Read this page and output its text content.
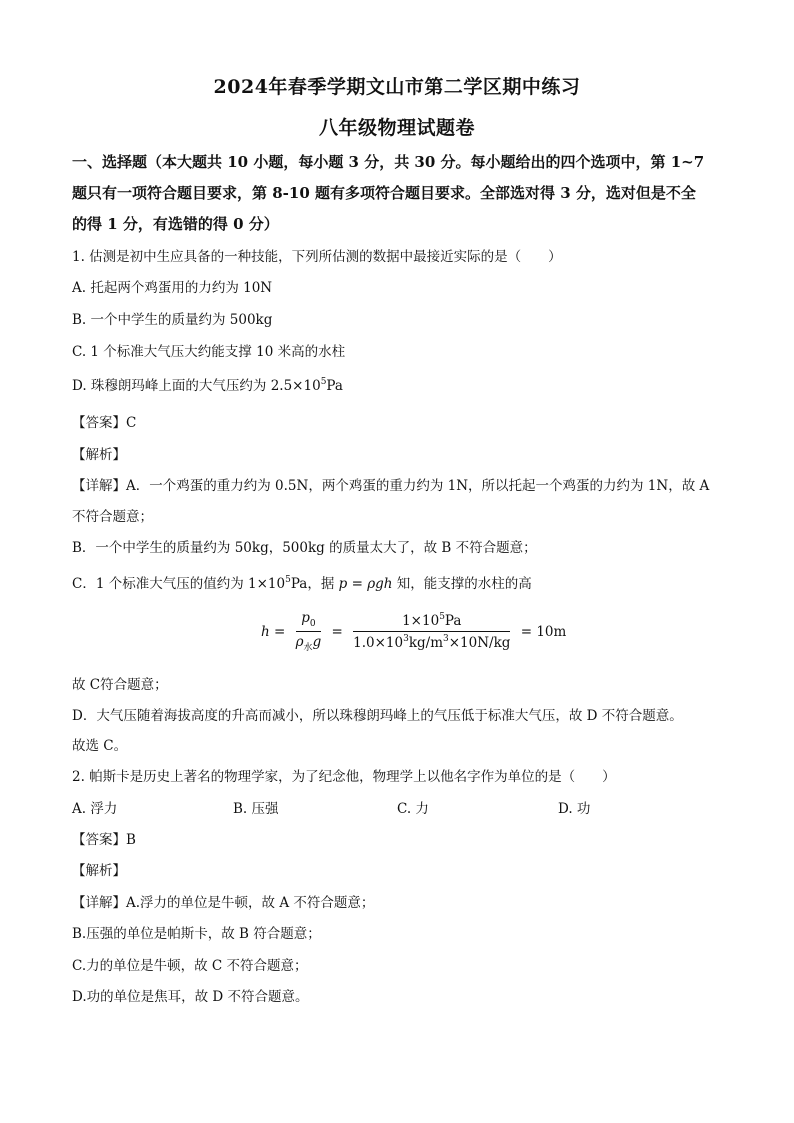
2024年春季学期文山市第二学区期中练习
八年级物理试题卷
一、选择题（本大题共 10 小题，每小题 3 分，共 30 分。每小题给出的四个选项中，第 1~7
题只有一项符合题目要求，第 8-10 题有多项符合题目要求。全部选对得 3 分，选对但是不全
的得 1 分，有选错的得 0 分）
1. 估测是初中生应具备的一种技能，下列所估测的数据中最接近实际的是（　　）
A. 托起两个鸡蛋用的力约为 10N
B. 一个中学生的质量约为 500kg
C. 1 个标准大气压大约能支撑 10 米高的水柱
D. 珠穆朗玛峰上面的大气压约为 $2.5\times 10^5Pa$
【答案】C
【解析】
【详解】A．一个鸡蛋的重力约为 0.5N，两个鸡蛋的重力约为 1N，所以托起一个鸡蛋的力约为 1N，故 A
不符合题意；
B．一个中学生的质量约为 50kg，500kg 的质量太大了，故 B 不符合题意；
C．1 个标准大气压的值约为 $1\times 10^5Pa$，据 p = ρgh 知，能支撑的水柱的高
$h = \frac{p_0}{\rho_水g} = \frac{1\times 10^5Pa}{1.0\times 10^3kg/m^3\times 10N/kg} = 10m$
故 C符合题意；
D．大气压随着海拔高度的升高而减小，所以珠穆朗玛峰上的气压低于标准大气压，故 D 不符合题意。
故选 C。
2. 帕斯卡是历史上著名的物理学家，为了纪念他，物理学上以他名字作为单位的是（　　）
A. 浮力	B. 压强	C. 力	D. 功
【答案】B
【解析】
【详解】A.浮力的单位是牛顿，故 A 不符合题意；
B.压强的单位是帕斯卡，故 B 符合题意；
C.力的单位是牛顿，故 C 不符合题意；
D.功的单位是焦耳，故 D 不符合题意。
